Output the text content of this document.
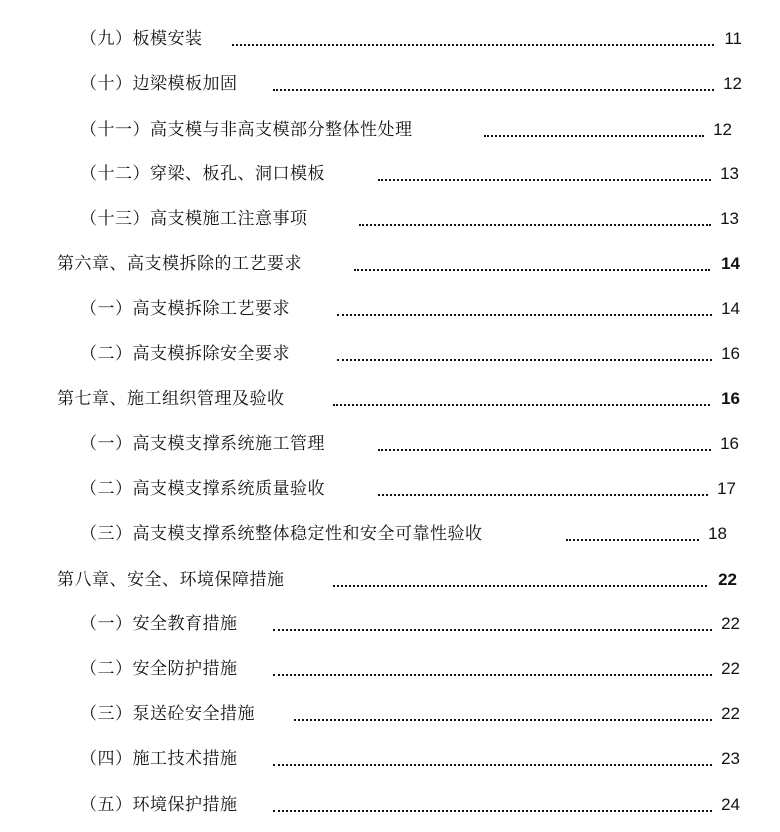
（九）板模安装	11
（十）边梁模板加固	12
（十一）高支模与非高支模部分整体性处理	12
（十二）穿梁、板孔、洞口模板	13
（十三）高支模施工注意事项	13
第六章、高支模拆除的工艺要求	14
（一）高支模拆除工艺要求	14
（二）高支模拆除安全要求	16
第七章、施工组织管理及验收	16
（一）高支模支撑系统施工管理	16
（二）高支模支撑系统质量验收	17
（三）高支模支撑系统整体稳定性和安全可靠性验收	18
第八章、安全、环境保障措施	22
（一）安全教育措施	22
（二）安全防护措施	22
（三）泵送砼安全措施	22
（四）施工技术措施	23
（五）环境保护措施	24
